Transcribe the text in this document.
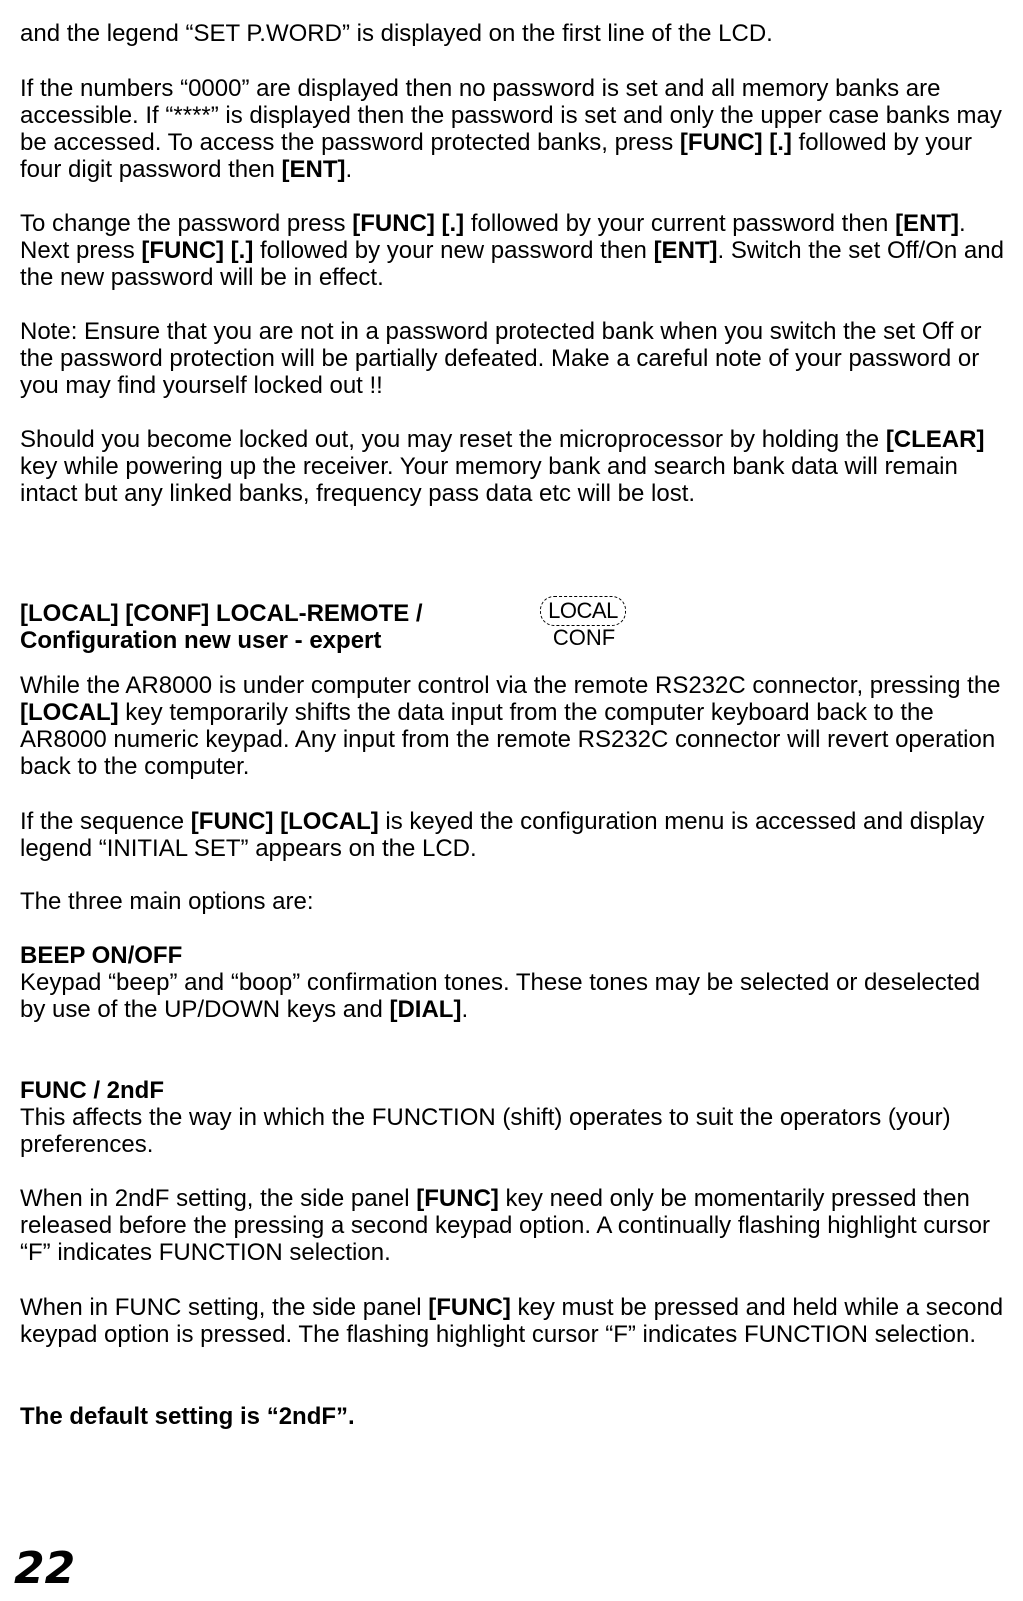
and the legend “SET P.WORD” is displayed on the first line of the LCD.

If the numbers “0000” are displayed then no password is set and all memory banks are accessible. If “****” is displayed then the password is set and only the upper case banks may be accessed. To access the password protected banks, press [FUNC] [.] followed by your four digit password then [ENT].

To change the password press [FUNC] [.] followed by your current password then [ENT]. Next press [FUNC] [.] followed by your new password then [ENT]. Switch the set Off/On and the new password will be in effect.

Note: Ensure that you are not in a password protected bank when you switch the set Off or the password protection will be partially defeated. Make a careful note of your password or you may find yourself locked out !!

Should you become locked out, you may reset the microprocessor by holding the [CLEAR] key while powering up the receiver. Your memory bank and search bank data will remain intact but any linked banks, frequency pass data etc will be lost.

[LOCAL] [CONF] LOCAL-REMOTE /
Configuration new user - expert
LOCAL
CONF

While the AR8000 is under computer control via the remote RS232C connector, pressing the [LOCAL] key temporarily shifts the data input from the computer keyboard back to the AR8000 numeric keypad. Any input from the remote RS232C connector will revert operation back to the computer.

If the sequence [FUNC] [LOCAL] is keyed the configuration menu is accessed and display legend “INITIAL SET” appears on the LCD.

The three main options are:

BEEP ON/OFF
Keypad “beep” and “boop” confirmation tones. These tones may be selected or deselected by use of the UP/DOWN keys and [DIAL].
FUNC / 2ndF
This affects the way in which the FUNCTION (shift) operates to suit the operators (your) preferences.

When in 2ndF setting, the side panel [FUNC] key need only be momentarily pressed then released before the pressing a second keypad option. A continually flashing highlight cursor “F” indicates FUNCTION selection.

When in FUNC setting, the side panel [FUNC] key must be pressed and held while a second keypad option is pressed. The flashing highlight cursor “F” indicates FUNCTION selection.

The default setting is “2ndF”.

22
